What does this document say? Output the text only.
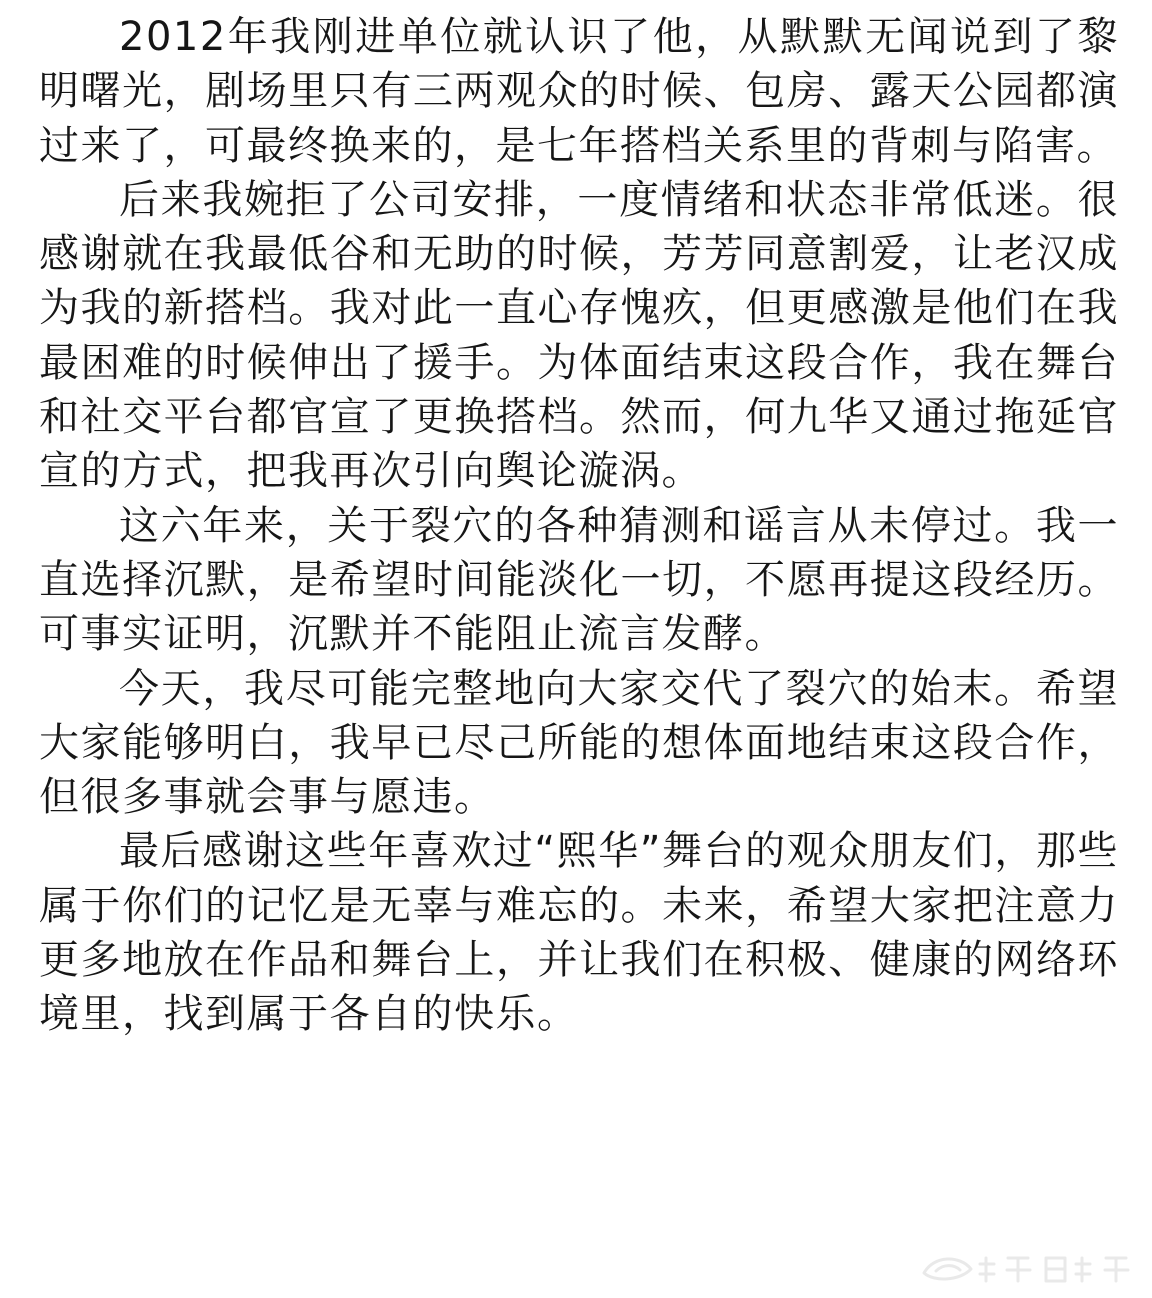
2012年我刚进单位就认识了他，从默默无闻说到了黎明曙光，剧场里只有三两观众的时候、包房、露天公园都演过来了，可最终换来的，是七年搭档关系里的背刺与陷害。

后来我婉拒了公司安排，一度情绪和状态非常低迷。很感谢就在我最低谷和无助的时候，芳芳同意割爱，让老汉成为我的新搭档。我对此一直心存愧疚，但更感激是他们在我最困难的时候伸出了援手。为体面结束这段合作，我在舞台和社交平台都官宣了更换搭档。然而，何九华又通过拖延官宣的方式，把我再次引向舆论漩涡。

这六年来，关于裂穴的各种猜测和谣言从未停过。我一直选择沉默，是希望时间能淡化一切，不愿再提这段经历。可事实证明，沉默并不能阻止流言发酵。

今天，我尽可能完整地向大家交代了裂穴的始末。希望大家能够明白，我早已尽己所能的想体面地结束这段合作，但很多事就会事与愿违。

最后感谢这些年喜欢过“熙华”舞台的观众朋友们，那些属于你们的记忆是无辜与难忘的。未来，希望大家把注意力更多地放在作品和舞台上，并让我们在积极、健康的网络环境里，找到属于各自的快乐。
